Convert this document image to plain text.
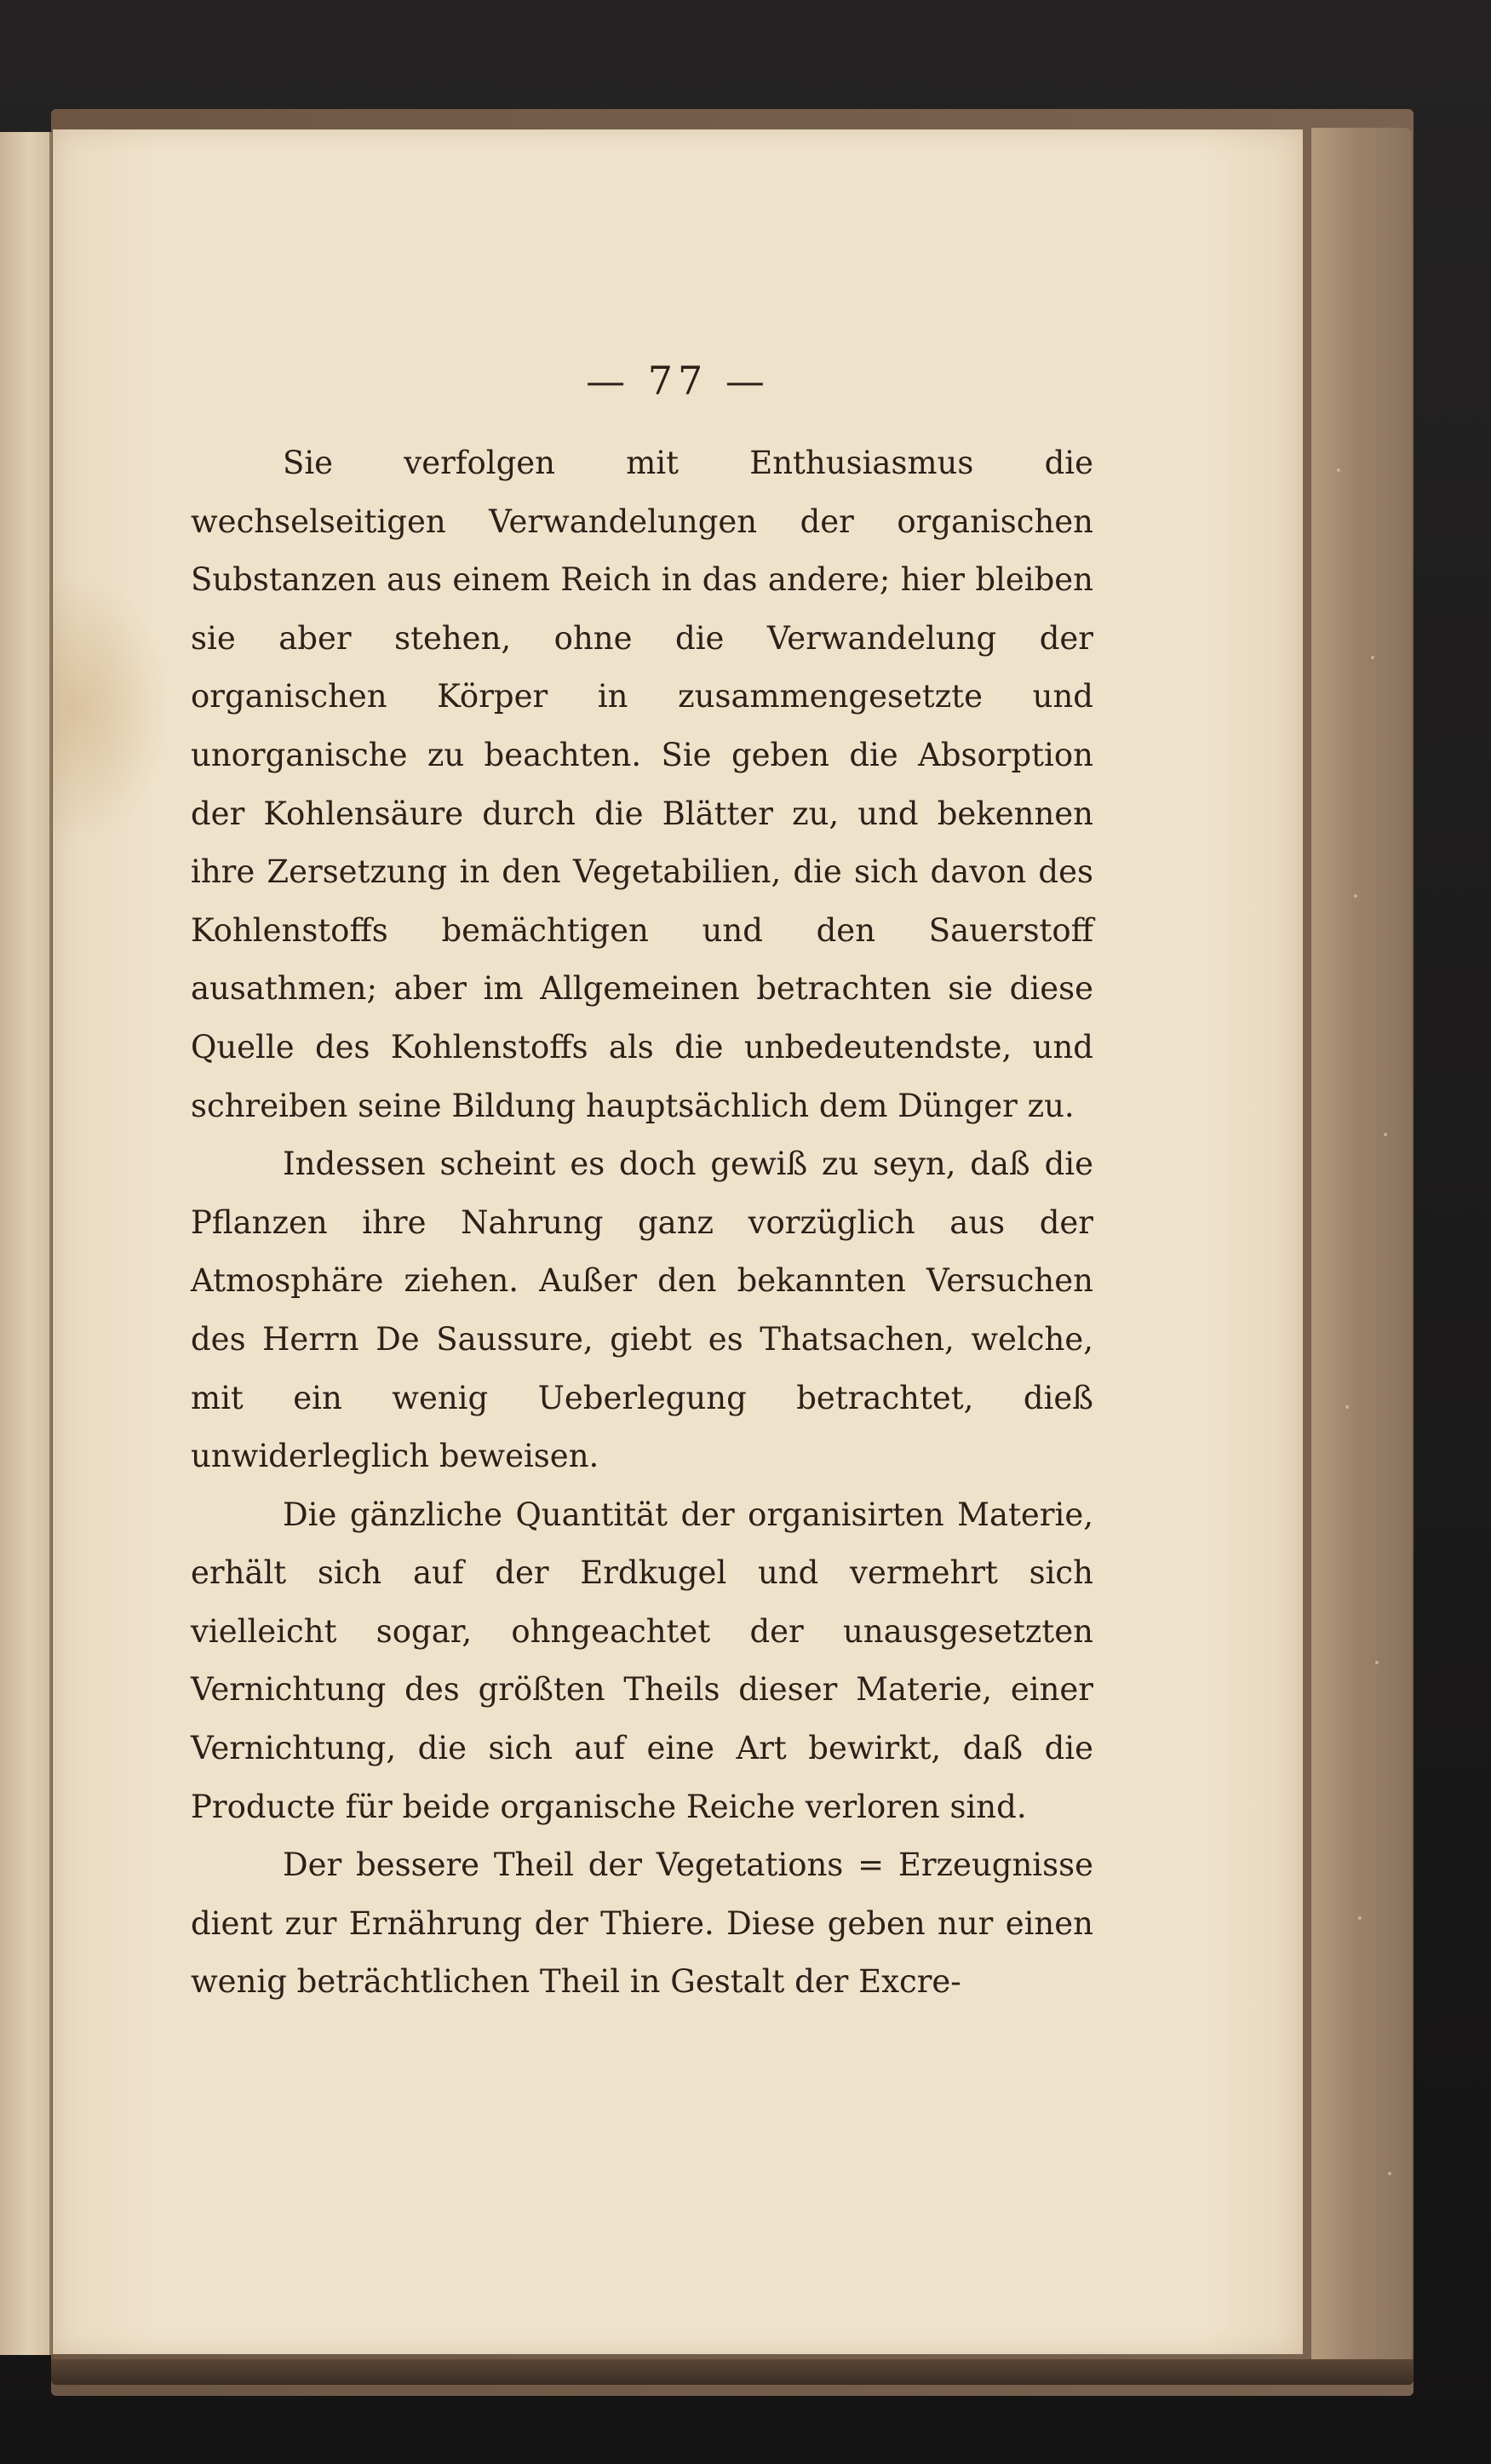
— 77 —

Sie verfolgen mit Enthusiasmus die wechselseitigen Verwandelungen der organischen Substanzen aus einem Reich in das andere; hier bleiben sie aber stehen, ohne die Verwandelung der organischen Körper in zusammengesetzte und unorganische zu beachten. Sie geben die Absorption der Kohlensäure durch die Blätter zu, und bekennen ihre Zersetzung in den Vegetabilien, die sich davon des Kohlenstoffs bemächtigen und den Sauerstoff ausathmen; aber im Allgemeinen betrachten sie diese Quelle des Kohlenstoffs als die unbedeutendste, und schreiben seine Bildung hauptsächlich dem Dünger zu.

Indessen scheint es doch gewiß zu seyn, daß die Pflanzen ihre Nahrung ganz vorzüglich aus der Atmosphäre ziehen. Außer den bekannten Versuchen des Herrn De Saussure, giebt es Thatsachen, welche, mit ein wenig Ueberlegung betrachtet, dieß unwiderleglich beweisen.

Die gänzliche Quantität der organisirten Materie, erhält sich auf der Erdkugel und vermehrt sich vielleicht sogar, ohngeachtet der unausgesetzten Vernichtung des größten Theils dieser Materie, einer Vernichtung, die sich auf eine Art bewirkt, daß die Producte für beide organische Reiche verloren sind.

Der bessere Theil der Vegetations = Erzeugnisse dient zur Ernährung der Thiere. Diese geben nur einen wenig beträchtlichen Theil in Gestalt der Excre-
